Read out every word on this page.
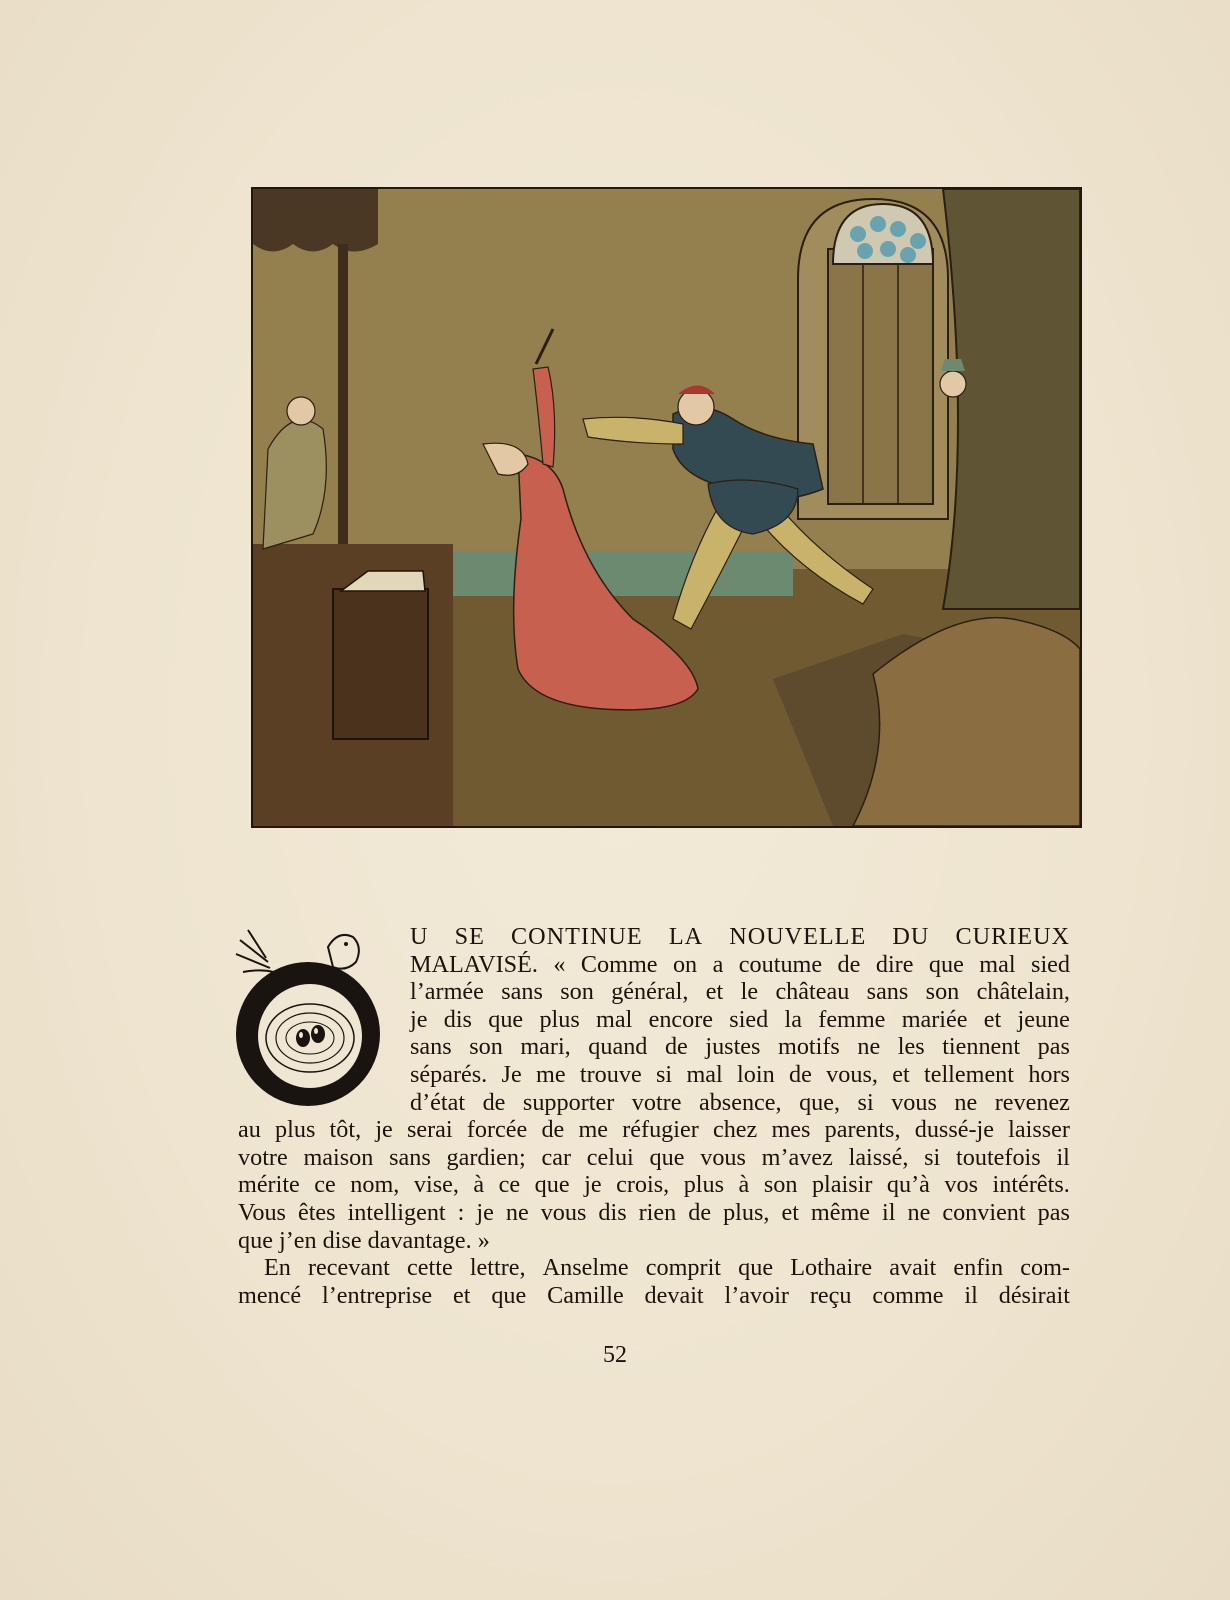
U SE CONTINUE LA NOUVELLE DU CURIEUX
MALAVISÉ. « Comme on a coutume de dire que mal sied
l’armée sans son général, et le château sans son châtelain,
je dis que plus mal encore sied la femme mariée et jeune
sans son mari, quand de justes motifs ne les tiennent pas
séparés. Je me trouve si mal loin de vous, et tellement hors
d’état de supporter votre absence, que, si vous ne revenez
au plus tôt, je serai forcée de me réfugier chez mes parents, dussé-je laisser
votre maison sans gardien; car celui que vous m’avez laissé, si toutefois il
mérite ce nom, vise, à ce que je crois, plus à son plaisir qu’à vos intérêts.
Vous êtes intelligent : je ne vous dis rien de plus, et même il ne convient pas
que j’en dise davantage. »
En recevant cette lettre, Anselme comprit que Lothaire avait enfin com-
mencé l’entreprise et que Camille devait l’avoir reçu comme il désirait
52
